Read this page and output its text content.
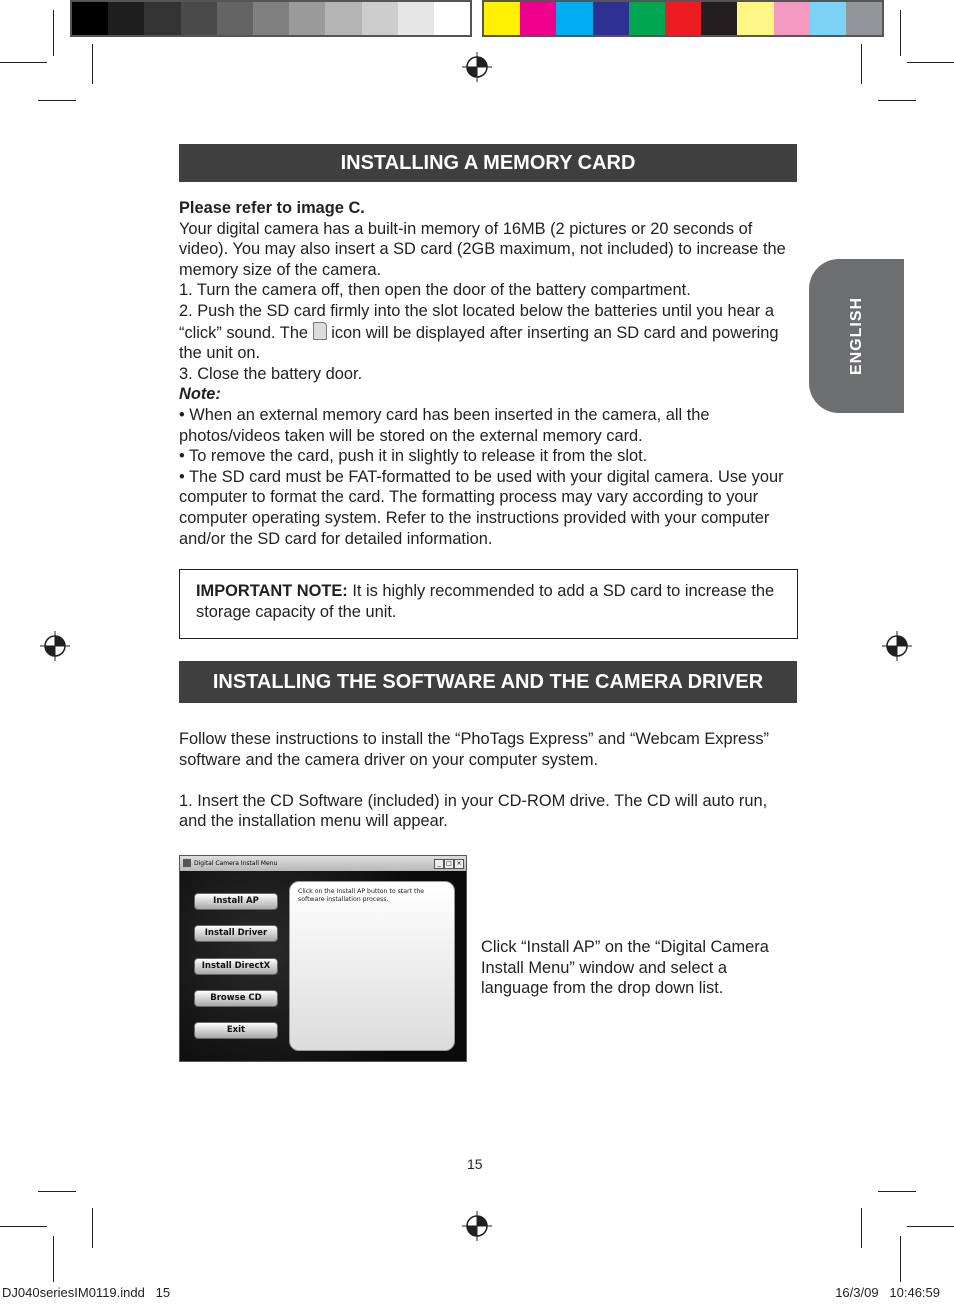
ENGLISH
INSTALLING A MEMORY CARD

Please refer to image C.

Your digital camera has a built-in memory of 16MB (2 pictures or 20 seconds of video). You may also insert a SD card (2GB maximum, not included) to increase the memory size of the camera.

1. Turn the camera off, then open the door of the battery compartment.

2. Push the SD card firmly into the slot located below the batteries until you hear a “click” sound. The icon will be displayed after inserting an SD card and powering the unit on.

3. Close the battery door.

Note:

• When an external memory card has been inserted in the camera, all the photos/videos taken will be stored on the external memory card.

• To remove the card, push it in slightly to release it from the slot.

• The SD card must be FAT-formatted to be used with your digital camera. Use your computer to format the card. The formatting process may vary according to your computer operating system. Refer to the instructions provided with your computer and/or the SD card for detailed information.

IMPORTANT NOTE: It is highly recommended to add a SD card to increase the storage capacity of the unit.
INSTALLING THE SOFTWARE AND THE CAMERA DRIVER

Follow these instructions to install the “PhoTags Express” and “Webcam Express” software and the camera driver on your computer system.

1. Insert the CD Software (included) in your CD-ROM drive. The CD will auto run, and the installation menu will appear.

Digital Camera Install Menu	_ □ ×
Install AP
Install Driver
Install DirectX
Browse CD
Exit
Click on the Install AP button to start the software installation process.
Click “Install AP” on the “Digital Camera Install Menu” window and select a language from the drop down list.
15
DJ040seriesIM0119.indd   15	16/3/09   10:46:59
